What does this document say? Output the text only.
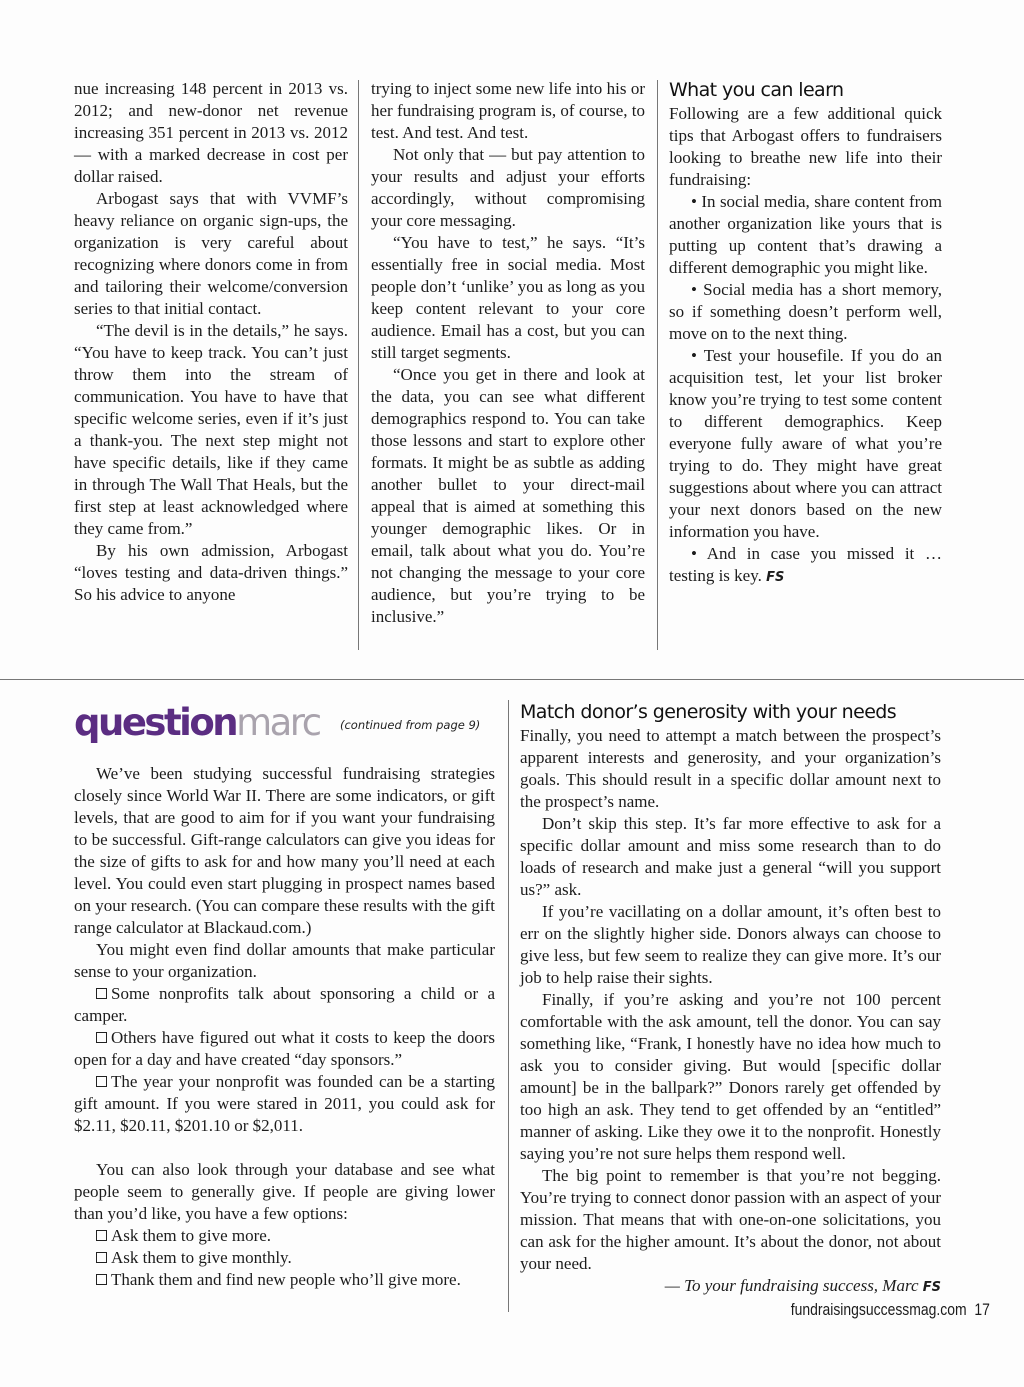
nue increasing 148 percent in 2013 vs. 2012; and new-donor net revenue increasing 351 percent in 2013 vs. 2012 — with a marked decrease in cost per dollar raised.

Arbogast says that with VVMF’s heavy reliance on organic sign-ups, the organization is very careful about recognizing where donors come in from and tailoring their welcome/conversion series to that initial contact.

“The devil is in the details,” he says. “You have to keep track. You can’t just throw them into the stream of communication. You have to have that specific welcome series, even if it’s just a thank-you. The next step might not have specific details, like if they came in through The Wall That Heals, but the first step at least acknowledged where they came from.”

By his own admission, Arbogast “loves testing and data-driven things.” So his advice to anyone

trying to inject some new life into his or her fundraising program is, of course, to test. And test. And test.

Not only that — but pay attention to your results and adjust your efforts accordingly, without compromising your core messaging.

“You have to test,” he says. “It’s essentially free in social media. Most people don’t ‘unlike’ you as long as you keep content relevant to your core audience. Email has a cost, but you can still target segments.

“Once you get in there and look at the data, you can see what different demographics respond to. You can take those lessons and start to explore other formats. It might be as subtle as adding another bullet to your direct-mail appeal that is aimed at something this younger demographic likes. Or in email, talk about what you do. You’re not changing the message to your core audience, but you’re trying to be inclusive.”

What you can learn

Following are a few additional quick tips that Arbogast offers to fundraisers looking to breathe new life into their fundraising:

• In social media, share content from another organization like yours that is putting up content that’s drawing a different demographic you might like.

• Social media has a short memory, so if something doesn’t perform well, move on to the next thing.

• Test your housefile. If you do an acquisition test, let your list broker know you’re trying to test some content to different demographics. Keep everyone fully aware of what you’re trying to do. They might have great suggestions about where you can attract your next donors based on the new information you have.

• And in case you missed it … testing is key. FS

questionmarc (continued from page 9)

We’ve been studying successful fundraising strategies closely since World War II. There are some indicators, or gift levels, that are good to aim for if you want your fundraising to be successful. Gift-range calculators can give you ideas for the size of gifts to ask for and how many you’ll need at each level. You could even start plugging in prospect names based on your research. (You can compare these results with the gift range calculator at Blackaud.com.)

You might even find dollar amounts that make particular sense to your organization.

Some nonprofits talk about sponsoring a child or a camper.

Others have figured out what it costs to keep the doors open for a day and have created “day sponsors.”

The year your nonprofit was founded can be a starting gift amount. If you were stared in 2011, you could ask for $2.11, $20.11, $201.10 or $2,011.

You can also look through your database and see what people seem to generally give. If people are giving lower than you’d like, you have a few options:

Ask them to give more.

Ask them to give monthly.

Thank them and find new people who’ll give more.

Match donor’s generosity with your needs

Finally, you need to attempt a match between the prospect’s apparent interests and generosity, and your organization’s goals. This should result in a specific dollar amount next to the prospect’s name.

Don’t skip this step. It’s far more effective to ask for a specific dollar amount and miss some research than to do loads of research and make just a general “will you support us?” ask.

If you’re vacillating on a dollar amount, it’s often best to err on the slightly higher side. Donors always can choose to give less, but few seem to realize they can give more. It’s our job to help raise their sights.

Finally, if you’re asking and you’re not 100 percent comfortable with the ask amount, tell the donor. You can say something like, “Frank, I honestly have no idea how much to ask you to consider giving. But would [specific dollar amount] be in the ballpark?” Donors rarely get offended by too high an ask. They tend to get offended by an “entitled” manner of asking. Like they owe it to the nonprofit. Honestly saying you’re not sure helps them respond well.

The big point to remember is that you’re not begging. You’re trying to connect donor passion with an aspect of your mission. That means that with one-on-one solicitations, you can ask for the higher amount. It’s about the donor, not about your need.

— To your fundraising success, Marc FS

fundraisingsuccessmag.com 17
